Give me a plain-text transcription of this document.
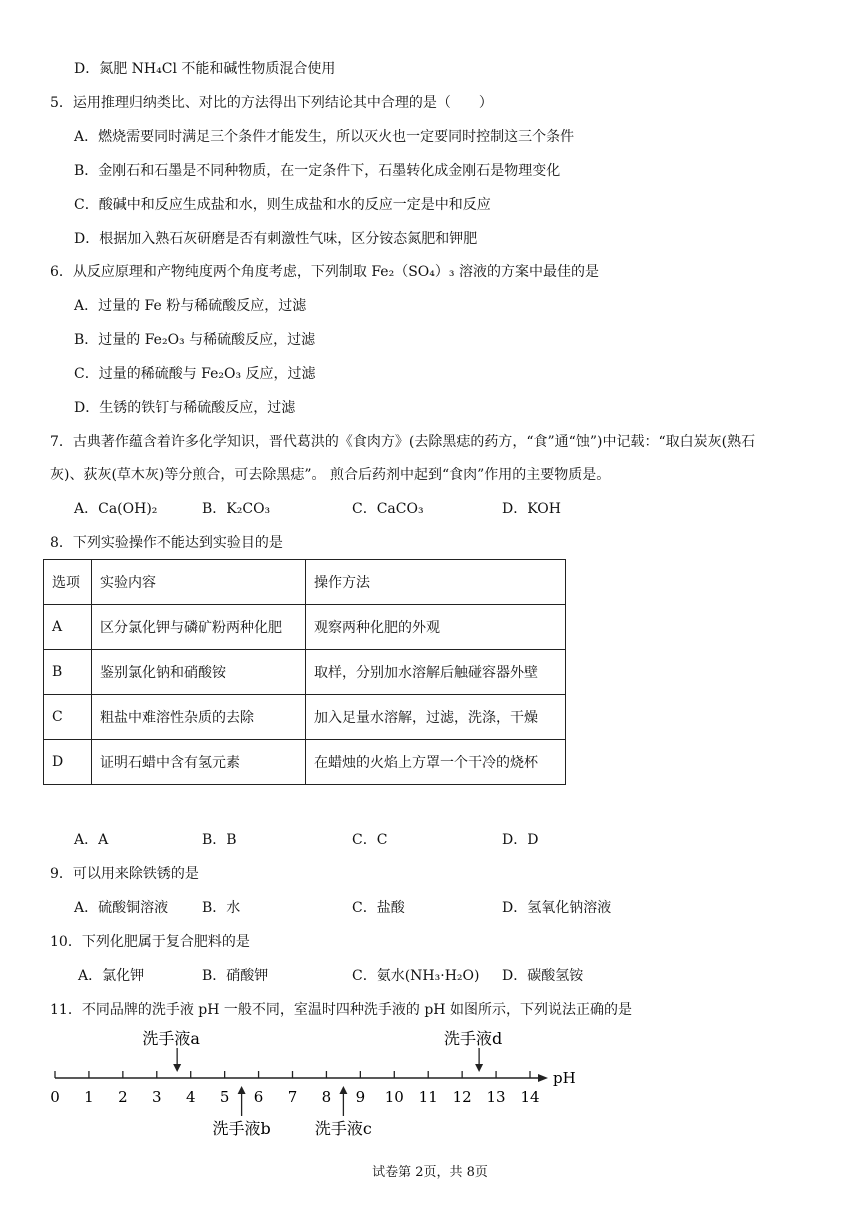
D．氮肥 NH₄Cl 不能和碱性物质混合使用
5．运用推理归纳类比、对比的方法得出下列结论其中合理的是（　　）
A．燃烧需要同时满足三个条件才能发生，所以灭火也一定要同时控制这三个条件
B．金刚石和石墨是不同种物质，在一定条件下，石墨转化成金刚石是物理变化
C．酸碱中和反应生成盐和水，则生成盐和水的反应一定是中和反应
D．根据加入熟石灰研磨是否有刺激性气味，区分铵态氮肥和钾肥
6．从反应原理和产物纯度两个角度考虑，下列制取 Fe₂（SO₄）₃ 溶液的方案中最佳的是
A．过量的 Fe 粉与稀硫酸反应，过滤
B．过量的 Fe₂O₃ 与稀硫酸反应，过滤
C．过量的稀硫酸与 Fe₂O₃ 反应，过滤
D．生锈的铁钉与稀硫酸反应，过滤
7．古典著作蕴含着许多化学知识，晋代葛洪的《食肉方》(去除黑痣的药方，“食”通“蚀”)中记载：“取白炭灰(熟石
灰)、荻灰(草木灰)等分煎合，可去除黑痣”。 煎合后药剂中起到“食肉”作用的主要物质是。
A．Ca(OH)₂	B．K₂CO₃	C．CaCO₃	D．KOH
8．下列实验操作不能达到实验目的是
选项	实验内容	操作方法
A	区分氯化钾与磷矿粉两种化肥	观察两种化肥的外观
B	鉴别氯化钠和硝酸铵	取样，分别加水溶解后触碰容器外壁
C	粗盐中难溶性杂质的去除	加入足量水溶解，过滤，洗涤，干燥
D	证明石蜡中含有氢元素	在蜡烛的火焰上方罩一个干冷的烧杯
A．A	B．B	C．C	D．D
9．可以用来除铁锈的是
A．硫酸铜溶液 B．水	C．盐酸	D．氢氧化钠溶液
10．下列化肥属于复合肥料的是
A．氯化钾	B．硝酸钾	C．氨水(NH₃·H₂O) D．碳酸氢铵
11．不同品牌的洗手液 pH 一般不同，室温时四种洗手液的 pH 如图所示，下列说法正确的是
pH
0 1 2 3 4 5 6 7 8 9 10 11 12 13 14
洗手液a
洗手液b	洗手液c
洗手液d
试卷第 2页，共 8页
